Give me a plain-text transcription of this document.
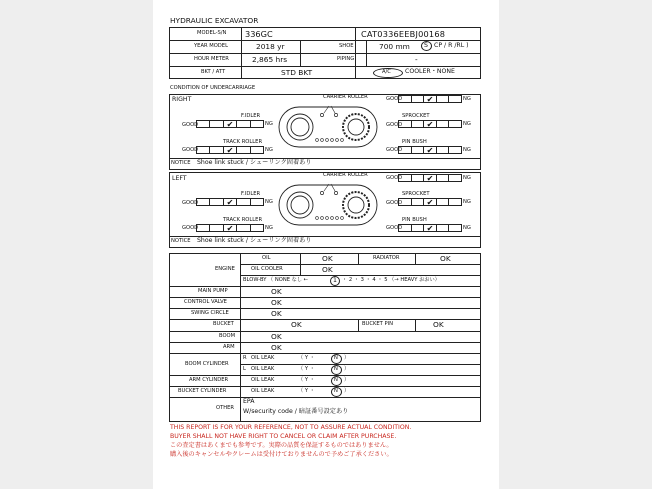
HYDRAULIC EXCAVATOR
MODEL-S/N 336GC	CAT0336EEBJ00168
YEAR MODEL	2018 yr	SHOE	700 mm S CP / R /RL )
HOUR METER	2,865 hrs	PIPING	-
BKT / ATT	STD BKT	A/C COOLER・NONE
CONDITION OF UNDERCARRIAGE
RIGHT
NOTICE Shoe link stuck / シューリンク固着あり
CARRIER ROLLER	GOOD	✔	NG
F.IDLER
GOOD	✔	NG
SPROCKET
GOOD	✔	NG
TRACK ROLLER
GOOD	✔	NG
PIN BUSH
GOOD	✔	NG
LEFT
NOTICE Shoe link stuck / シューリンク固着あり
CARRIER ROLLER	GOOD	✔	NG
F.IDLER
GOOD	✔	NG
SPROCKET
GOOD	✔	NG
TRACK ROLLER
GOOD	✔	NG
PIN BUSH
GOOD	✔	NG
ENGINE
OIL	OK	RADIATOR	OK
OIL COOLER	OK
BLOW-BY （ NONE なし ←	1 ・ 2 ・ 3 ・ 4 ・ 5 （→ HEAVY おおい）
MAIN PUMP	OK
CONTROL VALVE	OK
SWING CIRCLE	OK
BUCKET	OK	BUCKET PIN	OK
BOOM	OK
ARM	OK
BOOM CYLINDER
R OIL LEAK	（ Y ・	N ）
L OIL LEAK	（ Y ・	N ）
ARM CYLINDER	OIL LEAK	（ Y ・	N ）
BUCKET CYLINDER	OIL LEAK	（ Y ・	N ）
OTHER
EPA
W/security code / 暗証番号設定あり
THIS REPORT IS FOR YOUR REFERENCE, NOT TO ASSURE ACTUAL CONDITION.
BUYER SHALL NOT HAVE RIGHT TO CANCEL OR CLAIM AFTER PURCHASE.
この査定書はあくまでも参考です。実際の品質を保証するものではありません。
購入後のキャンセルやクレームは受付けておりませんので予めご了承ください。
